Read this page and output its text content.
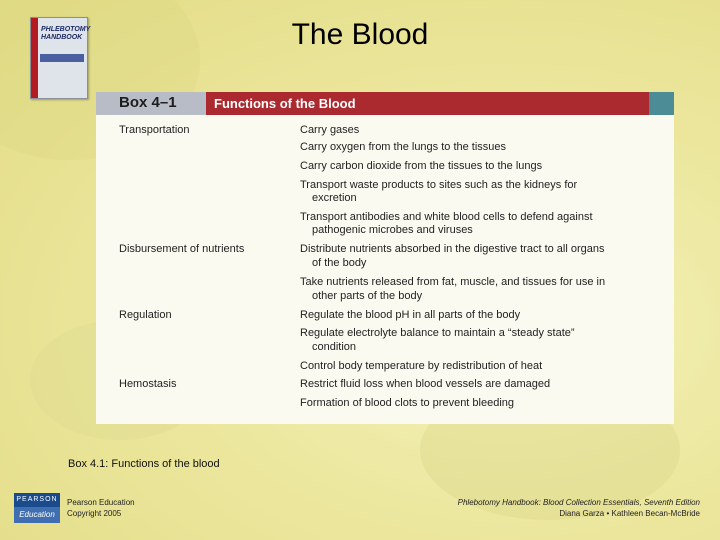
PHLEBOTOMY HANDBOOK	The Blood
Box 4–1	Functions of the Blood
Transportation
Disbursement of nutrients
Regulation
Hemostasis
Carry gases
Carry oxygen from the lungs to the tissues
Carry carbon dioxide from the tissues to the lungs
Transport waste products to sites such as the kidneys for
excretion
Transport antibodies and white blood cells to defend against
pathogenic microbes and viruses
Distribute nutrients absorbed in the digestive tract to all organs
of the body
Take nutrients released from fat, muscle, and tissues for use in
other parts of the body
Regulate the blood pH in all parts of the body
Regulate electrolyte balance to maintain a “steady state”
condition
Control body temperature by redistribution of heat
Restrict fluid loss when blood vessels are damaged
Formation of blood clots to prevent bleeding
Box 4.1: Functions of the blood
PEARSON
Education
Pearson Education
Copyright 2005
Phlebotomy Handbook: Blood Collection Essentials, Seventh Edition
Diana Garza • Kathleen Becan-McBride
